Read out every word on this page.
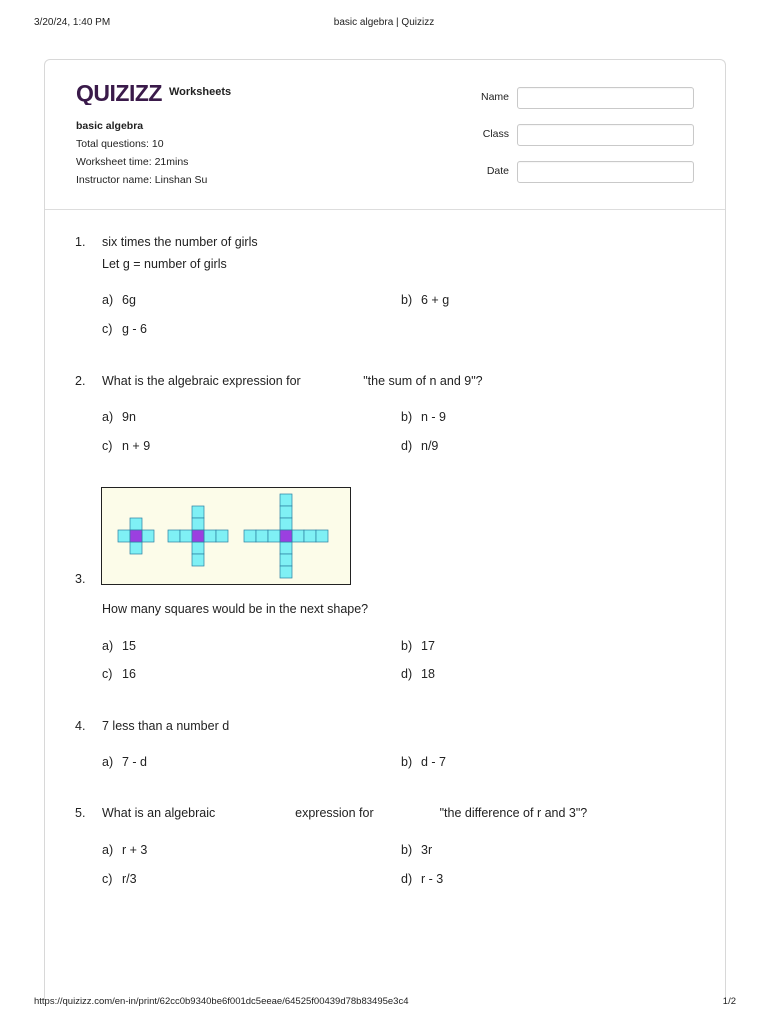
3/20/24, 1:40 PM	basic algebra | Quizizz
QUIZIZZ Worksheets
basic algebra
Total questions: 10
Worksheet time: 21mins
Instructor name: Linshan Su
Name
Class
Date
1. six times the number of girls
Let g = number of girls
a) 6g	b) 6 + g
c) g - 6
2. What is the algebraic expression for                  "the sum of n and 9"?
a) 9n	b) n - 9
c) n + 9	d) n/9
3.
How many squares would be in the next shape?
a) 15	b) 17
c) 16	d) 18
4. 7 less than a number d
a) 7 - d	b) d - 7
5. What is an algebraic                       expression for                   "the difference of r and 3"?
a) r + 3	b) 3r
c) r/3	d) r - 3
https://quizizz.com/en-in/print/62cc0b9340be6f001dc5eeae/64525f00439d78b83495e3c4	1/2
